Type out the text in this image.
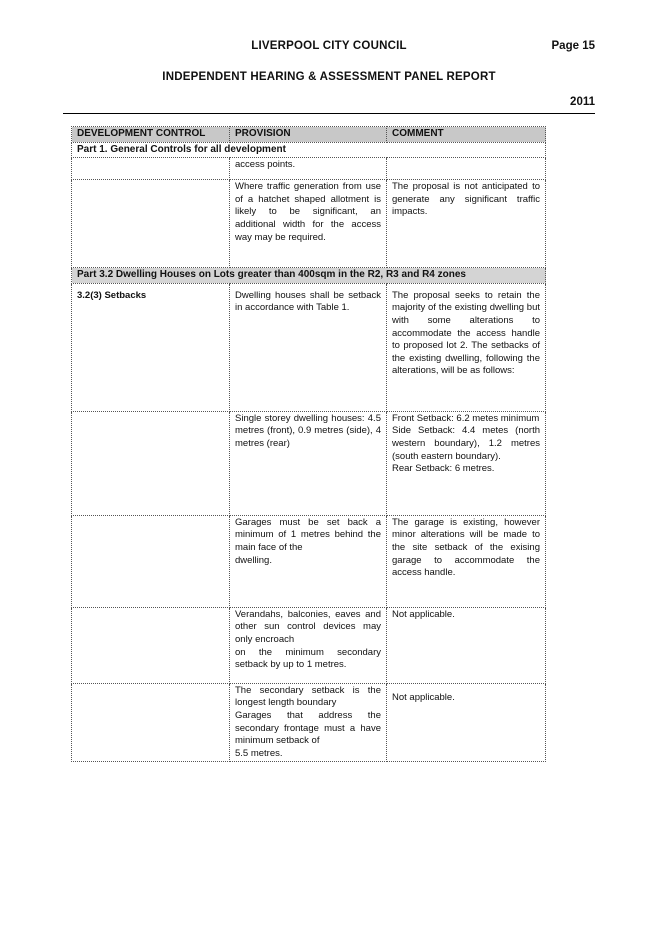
LIVERPOOL CITY COUNCIL	Page 15
INDEPENDENT HEARING & ASSESSMENT PANEL REPORT
2011
DEVELOPMENT CONTROL	PROVISION	COMMENT
Part 1. General Controls for all development		
	access points.	
	Where traffic generation from use of a hatchet shaped allotment is likely to be significant, an additional width for the access way may be required.	The proposal is not anticipated to generate any significant traffic impacts.
Part 3.2 Dwelling Houses on Lots greater than 400sqm in the R2, R3 and R4 zones		
3.2(3) Setbacks	Dwelling houses shall be setback in accordance with Table 1.	The proposal seeks to retain the majority of the existing dwelling but with some alterations to accommodate the access handle to proposed lot 2. The setbacks of the existing dwelling, following the alterations, will be as follows:
	Single storey dwelling houses: 4.5 metres (front), 0.9 metres (side), 4 metres (rear)	Front Setback: 6.2 metes minimum
Side Setback: 4.4 metes (north western boundary), 1.2 metres (south eastern boundary).
Rear Setback: 6 metres.

	Garages must be set back a minimum of 1 metres behind the main face of the
dwelling.	The garage is existing, however minor alterations will be made to the site setback of the exising garage to accommodate the access handle.

	Verandahs, balconies, eaves and other sun control devices may only encroach
on the minimum secondary setback by up to 1 metres.	Not applicable.

	The secondary setback is the longest length boundary
Garages that address the secondary frontage must a have minimum setback of
5.5 metres.	Not applicable.
